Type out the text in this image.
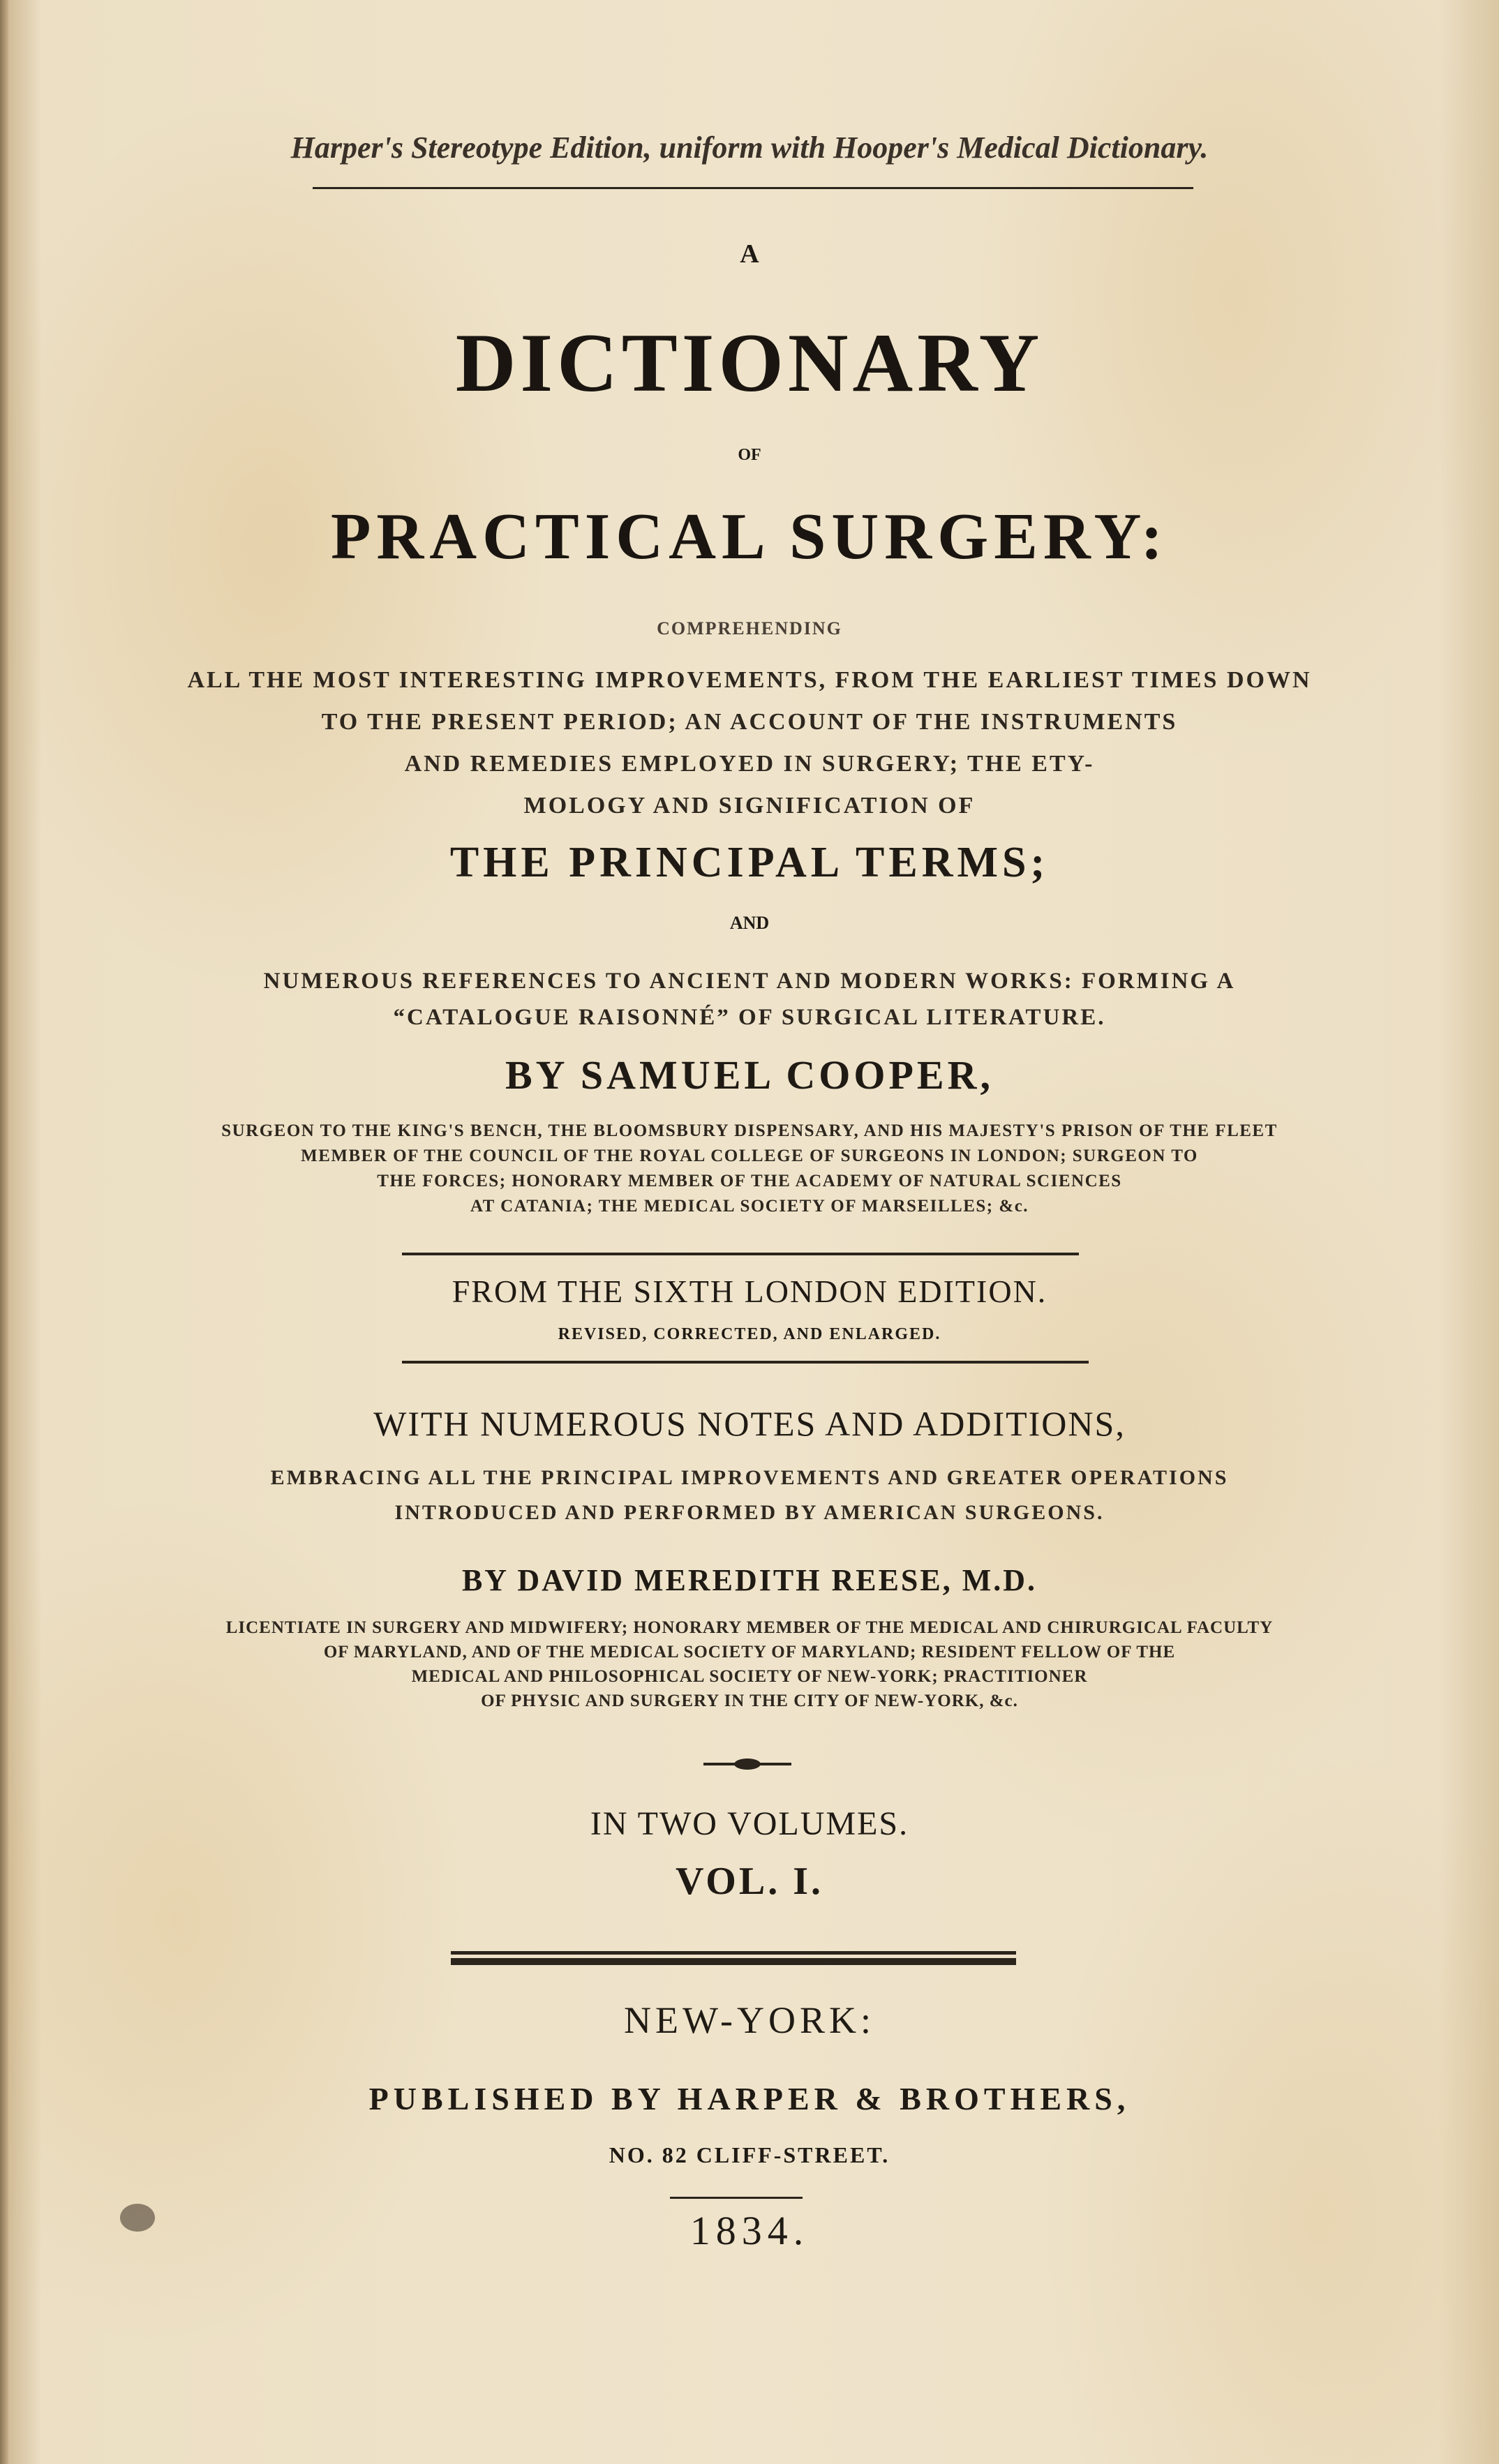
Harper's Stereotype Edition, uniform with Hooper's Medical Dictionary.
A
DICTIONARY
OF
PRACTICAL SURGERY:
COMPREHENDING
ALL THE MOST INTERESTING IMPROVEMENTS, FROM THE EARLIEST TIMES DOWN
TO THE PRESENT PERIOD; AN ACCOUNT OF THE INSTRUMENTS
AND REMEDIES EMPLOYED IN SURGERY; THE ETY-
MOLOGY AND SIGNIFICATION OF
THE PRINCIPAL TERMS;
AND
NUMEROUS REFERENCES TO ANCIENT AND MODERN WORKS: FORMING A
“CATALOGUE RAISONNÉ” OF SURGICAL LITERATURE.
BY SAMUEL COOPER,
SURGEON TO THE KING'S BENCH, THE BLOOMSBURY DISPENSARY, AND HIS MAJESTY'S PRISON OF THE FLEET
MEMBER OF THE COUNCIL OF THE ROYAL COLLEGE OF SURGEONS IN LONDON; SURGEON TO
THE FORCES; HONORARY MEMBER OF THE ACADEMY OF NATURAL SCIENCES
AT CATANIA; THE MEDICAL SOCIETY OF MARSEILLES; &c.
FROM THE SIXTH LONDON EDITION.
REVISED, CORRECTED, AND ENLARGED.
WITH NUMEROUS NOTES AND ADDITIONS,
EMBRACING ALL THE PRINCIPAL IMPROVEMENTS AND GREATER OPERATIONS
INTRODUCED AND PERFORMED BY AMERICAN SURGEONS.
BY DAVID MEREDITH REESE, M.D.
LICENTIATE IN SURGERY AND MIDWIFERY; HONORARY MEMBER OF THE MEDICAL AND CHIRURGICAL FACULTY
OF MARYLAND, AND OF THE MEDICAL SOCIETY OF MARYLAND; RESIDENT FELLOW OF THE
MEDICAL AND PHILOSOPHICAL SOCIETY OF NEW-YORK; PRACTITIONER
OF PHYSIC AND SURGERY IN THE CITY OF NEW-YORK, &c.
IN TWO VOLUMES.
VOL. I.
NEW-YORK:
PUBLISHED BY HARPER & BROTHERS,
NO. 82 CLIFF-STREET.
1834.
